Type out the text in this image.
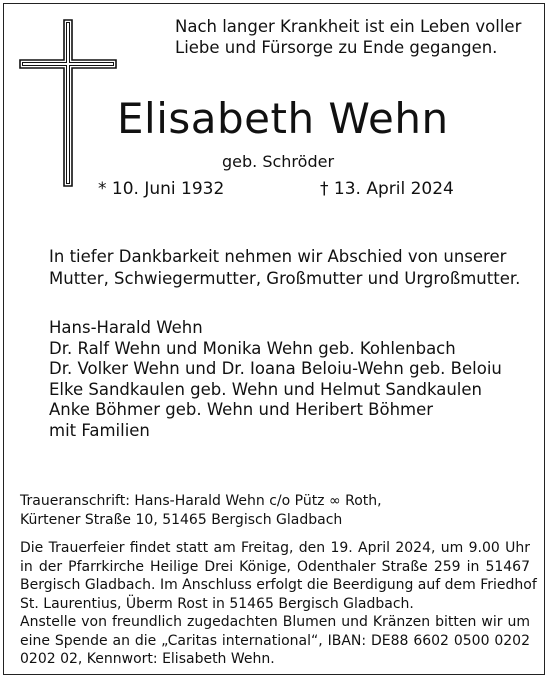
Nach langer Krankheit ist ein Leben voller
Liebe und Fürsorge zu Ende gegangen.

Elisabeth Wehn
geb. Schröder
* 10. Juni 1932	† 13. April 2024
In tiefer Dankbarkeit nehmen wir Abschied von unserer
Mutter, Schwiegermutter, Großmutter und Urgroßmutter.
Hans-Harald Wehn
Dr. Ralf Wehn und Monika Wehn geb. Kohlenbach
Dr. Volker Wehn und Dr. Ioana Beloiu-Wehn geb. Beloiu
Elke Sandkaulen geb. Wehn und Helmut Sandkaulen
Anke Böhmer geb. Wehn und Heribert Böhmer
mit Familien
Traueranschrift: Hans-Harald Wehn c/o Pütz ∞ Roth,
Kürtener Straße 10, 51465 Bergisch Gladbach
Die Trauerfeier findet statt am Freitag, den 19. April 2024, um 9.00 Uhr
in der Pfarrkirche Heilige Drei Könige, Odenthaler Straße 259 in 51467
Bergisch Gladbach. Im Anschluss erfolgt die Beerdigung auf dem Friedhof
St. Laurentius, Überm Rost in 51465 Bergisch Gladbach.
Anstelle von freundlich zugedachten Blumen und Kränzen bitten wir um
eine Spende an die „Caritas international“, IBAN: DE88 6602 0500 0202
0202 02, Kennwort: Elisabeth Wehn.
